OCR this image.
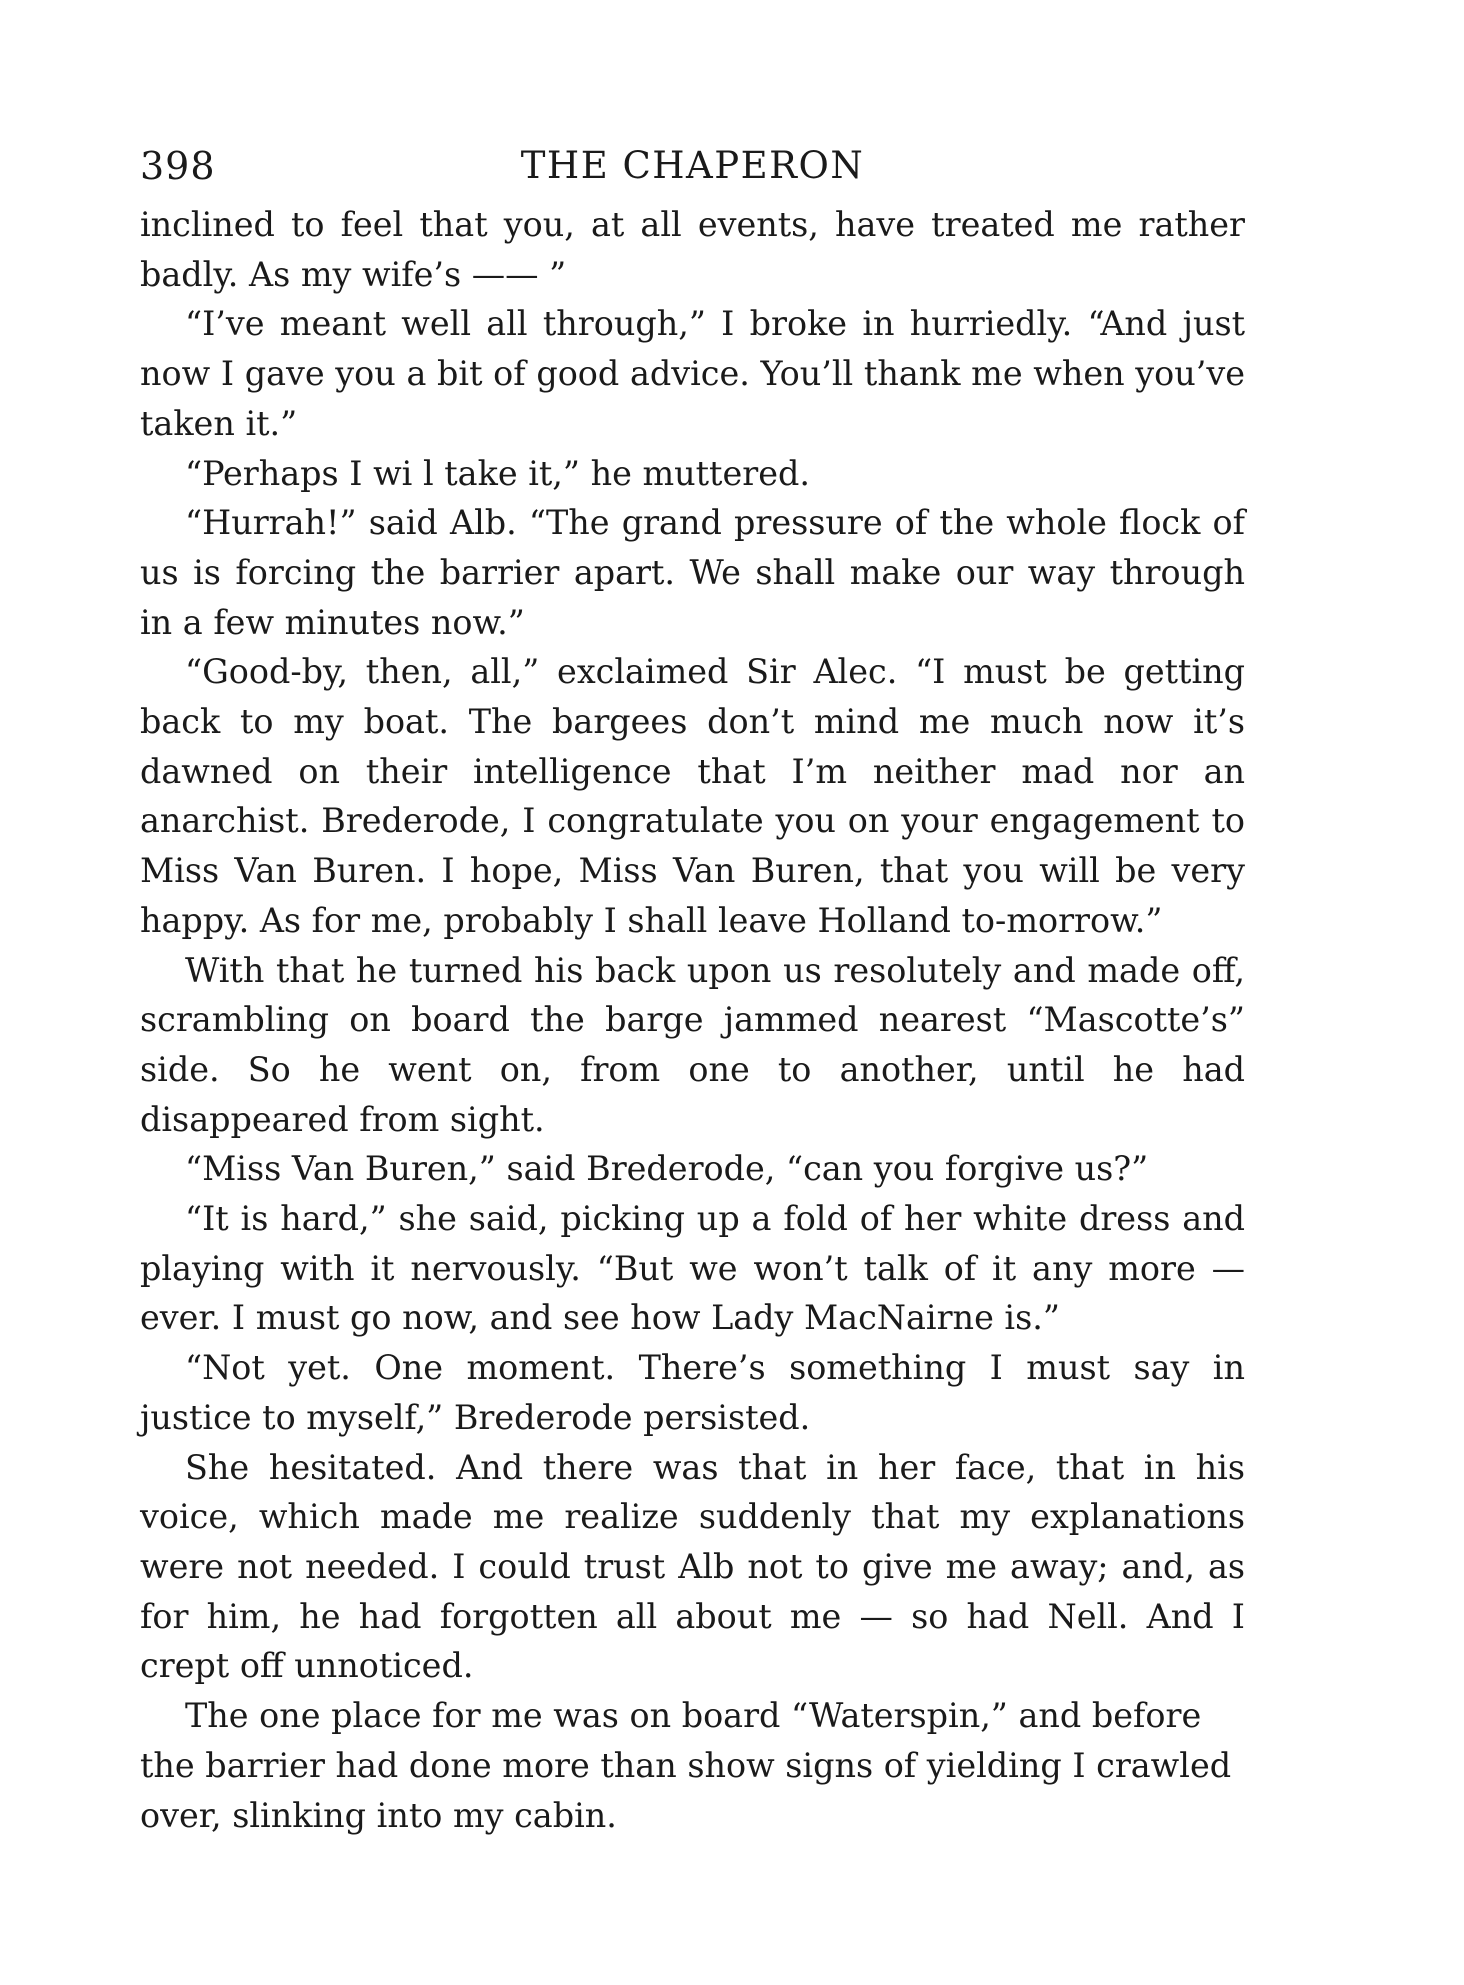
398	THE CHAPERON

inclined to feel that you, at all events, have treated me rather badly. As my wife’s —— ”

“I’ve meant well all through,” I broke in hurriedly. “And just now I gave you a bit of good advice. You’ll thank me when you’ve taken it.”

“Perhaps I wi l take it,” he muttered.

“Hurrah!” said Alb. “The grand pressure of the whole flock of us is forcing the barrier apart. We shall make our way through in a few minutes now.”

“Good-by, then, all,” exclaimed Sir Alec. “I must be getting back to my boat. The bargees don’t mind me much now it’s dawned on their intelligence that I’m neither mad nor an anarchist. Brederode, I congratulate you on your engagement to Miss Van Buren. I hope, Miss Van Buren, that you will be very happy. As for me, probably I shall leave Holland to-morrow.”

With that he turned his back upon us resolutely and made off, scrambling on board the barge jammed nearest “Mascotte’s” side. So he went on, from one to another, until he had disappeared from sight.

“Miss Van Buren,” said Brederode, “can you forgive us?”

“It is hard,” she said, picking up a fold of her white dress and playing with it nervously. “But we won’t talk of it any more — ever. I must go now, and see how Lady MacNairne is.”

“Not yet. One moment. There’s something I must say in justice to myself,” Brederode persisted.

She hesitated. And there was that in her face, that in his voice, which made me realize suddenly that my explanations were not needed. I could trust Alb not to give me away; and, as for him, he had forgotten all about me — so had Nell. And I crept off unnoticed.

The one place for me was on board “Waterspin,” and before the barrier had done more than show signs of yielding I crawled over, slinking into my cabin.
